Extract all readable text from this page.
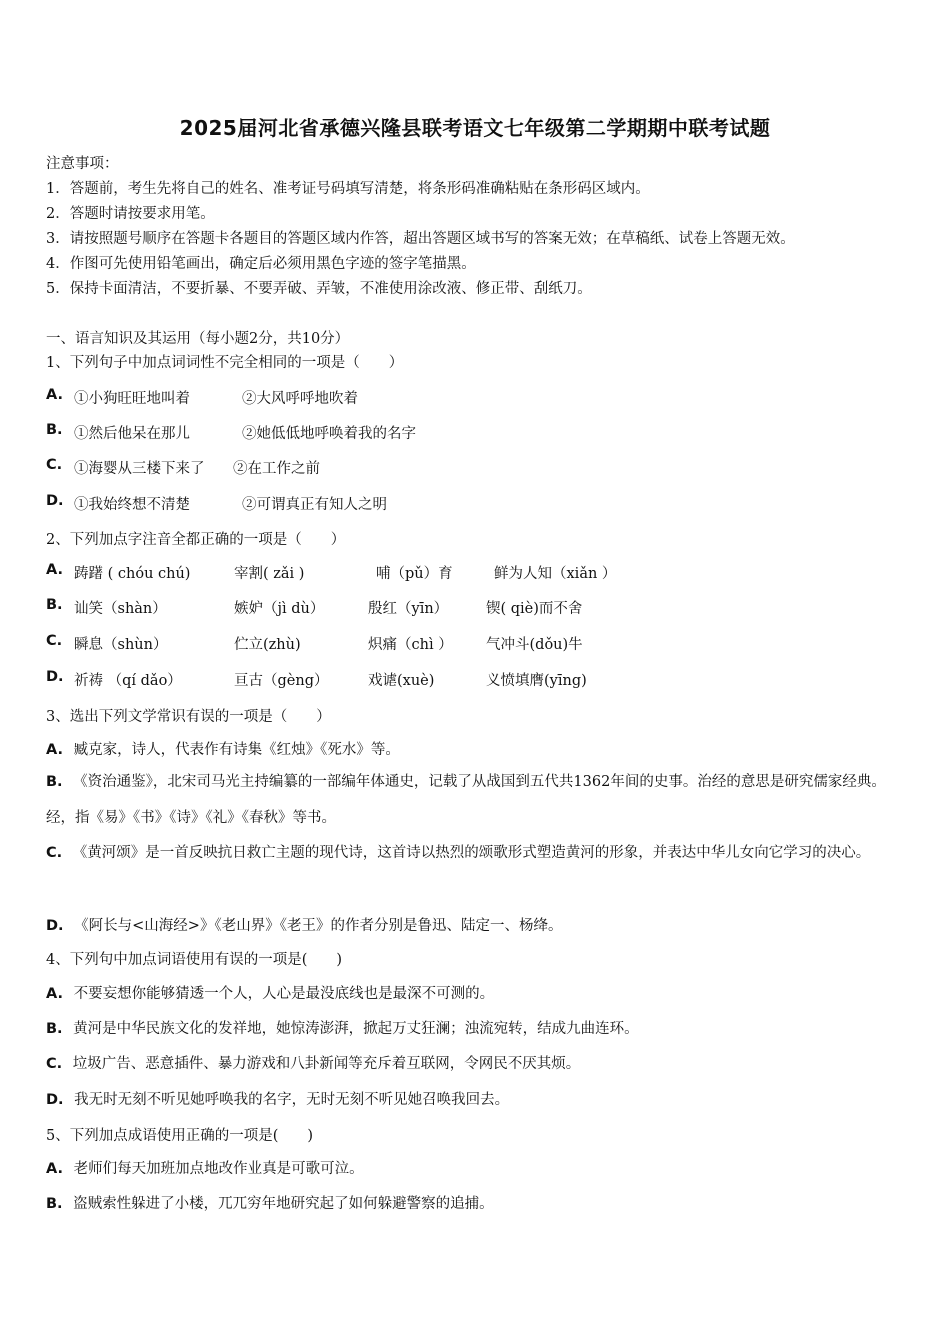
2025届河北省承德兴隆县联考语文七年级第二学期期中联考试题
注意事项：
1．答题前，考生先将自己的姓名、准考证号码填写清楚，将条形码准确粘贴在条形码区域内。
2．答题时请按要求用笔。
3．请按照题号顺序在答题卡各题目的答题区域内作答，超出答题区域书写的答案无效；在草稿纸、试卷上答题无效。
4．作图可先使用铅笔画出，确定后必须用黑色字迹的签字笔描黑。
5．保持卡面清洁，不要折暴、不要弄破、弄皱，不准使用涂改液、修正带、刮纸刀。
一、语言知识及其运用（每小题2分，共10分）
1、下列句子中加点词词性不完全相同的一项是（　　）
A. ①小狗旺旺地叫着	②大风呼呼地吹着
B. ①然后他呆在那儿	②她低低地呼唤着我的名字
C. ①海婴从三楼下来了 ②在工作之前
D. ①我始终想不清楚	②可谓真正有知人之明
2、下列加点字注音全都正确的一项是（　　）
A. 踌躇 ( chóu chú)	宰割( zǎi )	哺（pǔ）育	鲜为人知（xiǎn ）
B. 讪笑（shàn）	嫉妒（jì dù）	殷红（yīn）	锲( qiè)而不舍
C. 瞬息（shùn）	伫立(zhù)	炽痛（chì ） 气冲斗(dǒu)牛
D. 祈祷 （qí dǎo）	亘古（gèng）	戏谑(xuè)	义愤填膺(yīng)
3、选出下列文学常识有误的一项是（　　）
A. 臧克家，诗人，代表作有诗集《红烛》《死水》等。
B. 《资治通鉴》，北宋司马光主持编纂的一部编年体通史，记载了从战国到五代共1362年间的史事。治经的意思是研究儒家经典。经，指《易》《书》《诗》《礼》《春秋》等书。
C. 《黄河颂》是一首反映抗日救亡主题的现代诗，这首诗以热烈的颂歌形式塑造黄河的形象，并表达中华儿女向它学习的决心。
D. 《阿长与<山海经>》《老山界》《老王》的作者分别是鲁迅、陆定一、杨绛。
4、下列句中加点词语使用有误的一项是(　　)
A. 不要妄想你能够猜透一个人，人心是最没底线也是最深不可测的。
B. 黄河是中华民族文化的发祥地，她惊涛澎湃，掀起万丈狂澜；浊流宛转，结成九曲连环。
C. 垃圾广告、恶意插件、暴力游戏和八卦新闻等充斥着互联网，令网民不厌其烦。
D. 我无时无刻不听见她呼唤我的名字，无时无刻不听见她召唤我回去。
5、下列加点成语使用正确的一项是(　　)
A. 老师们每天加班加点地改作业真是可歌可泣。
B. 盗贼索性躲进了小楼，兀兀穷年地研究起了如何躲避警察的追捕。
